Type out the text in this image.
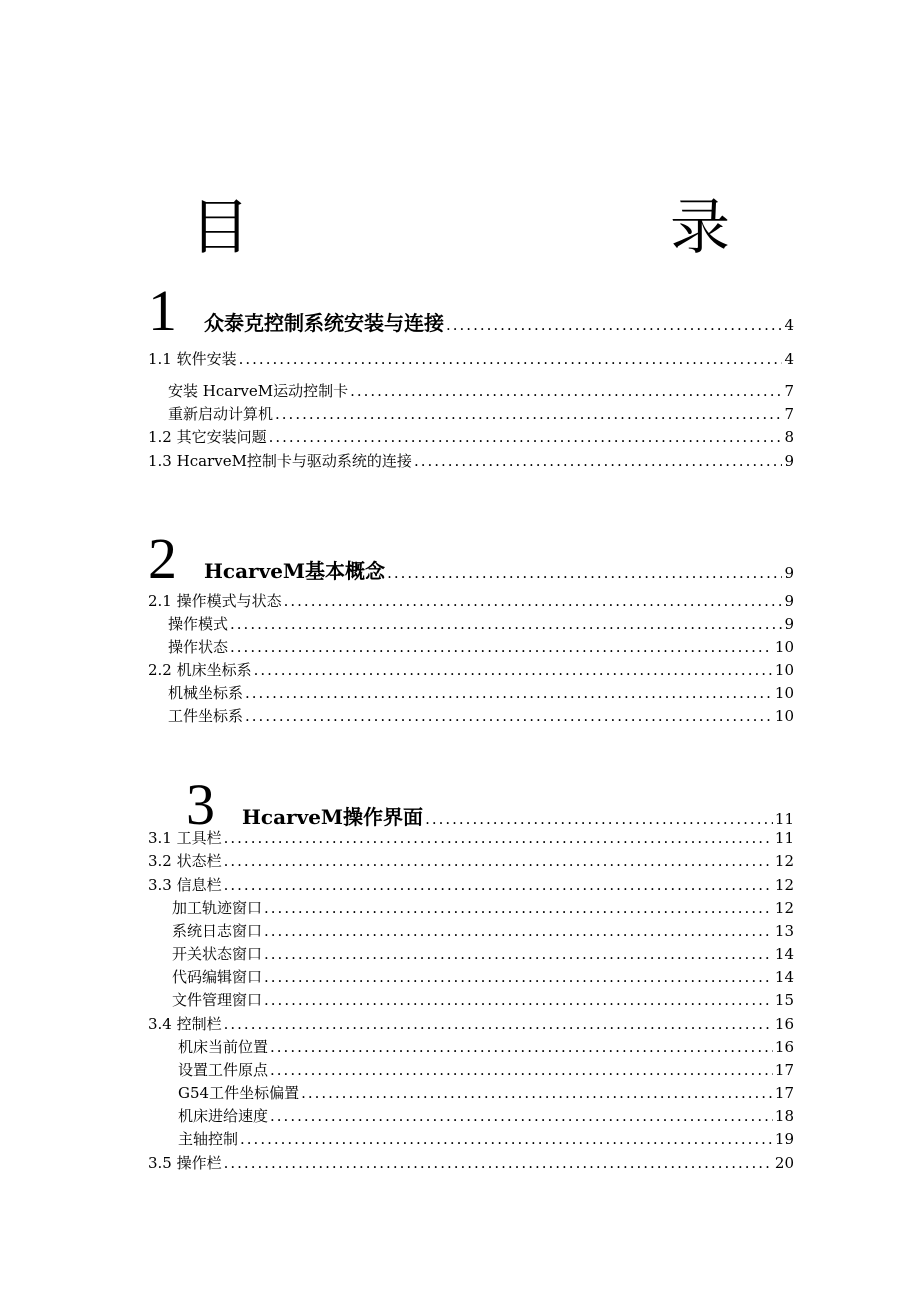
目　　录
1	众泰克控制系统安装与连接 .....	4
1.1 软件安装 .....	4
安装 HcarveM运动控制卡 .....	7
重新启动计算机 .....	7
1.2 其它安装问题 .....	8
1.3 HcarveM控制卡与驱动系统的连接 .....	9
2	HcarveM基本概念 .....	9
2.1 操作模式与状态 .....	9
操作模式 .....	9
操作状态 .....	10
2.2 机床坐标系 .....	10
机械坐标系 .....	10
工件坐标系 .....	10
3	HcarveM操作界面 .....	11
3.1 工具栏 .....	11
3.2 状态栏 .....	12
3.3 信息栏 .....	12
加工轨迹窗口 .....	12
系统日志窗口 .....	13
开关状态窗口 .....	14
代码编辑窗口 .....	14
文件管理窗口 .....	15
3.4 控制栏 .....	16
机床当前位置 .....	16
设置工件原点 .....	17
G54工件坐标偏置 .....	17
机床进给速度 .....	18
主轴控制 .....	19
3.5 操作栏 .....	20
